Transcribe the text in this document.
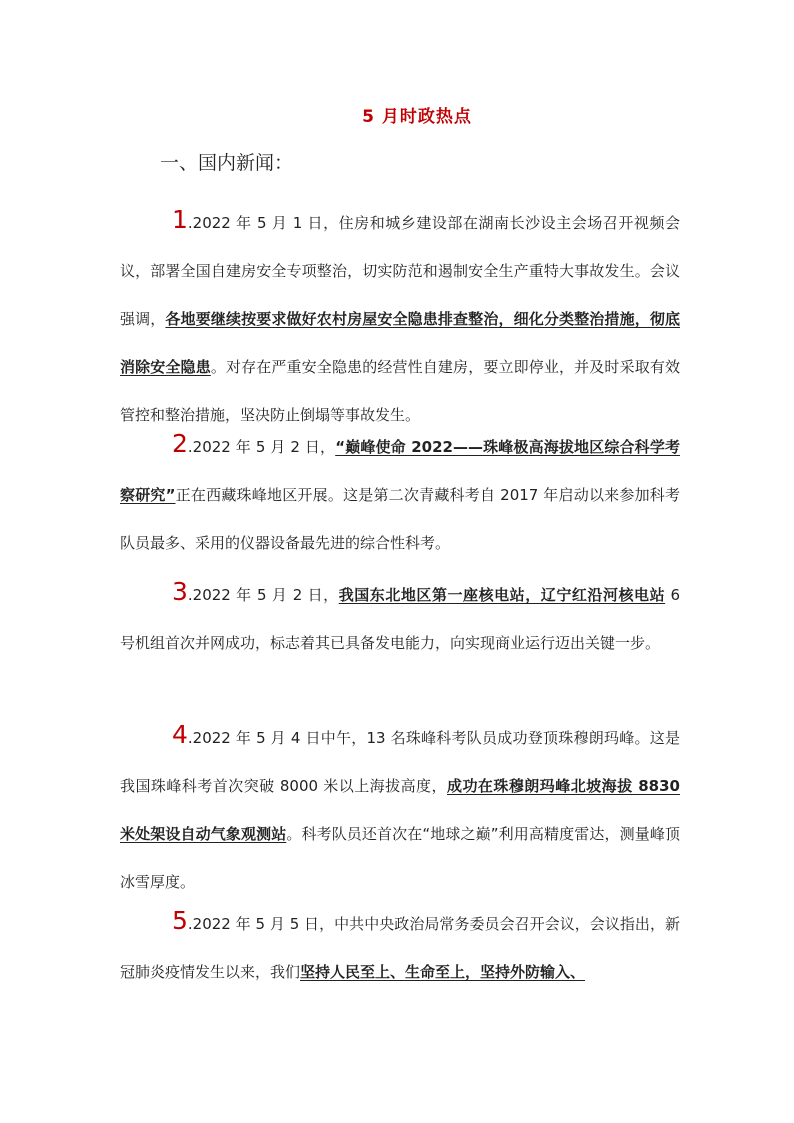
5 月时政热点
一、国内新闻：

1.2022 年 5 月 1 日，住房和城乡建设部在湖南长沙设主会场召开视频会议，部署全国自建房安全专项整治，切实防范和遏制安全生产重特大事故发生。会议强调，各地要继续按要求做好农村房屋安全隐患排查整治，细化分类整治措施，彻底消除安全隐患。对存在严重安全隐患的经营性自建房，要立即停业，并及时采取有效管控和整治措施，坚决防止倒塌等事故发生。

2.2022 年 5 月 2 日，“巅峰使命 2022——珠峰极高海拔地区综合科学考察研究”正在西藏珠峰地区开展。这是第二次青藏科考自 2017 年启动以来参加科考队员最多、采用的仪器设备最先进的综合性科考。

3.2022 年 5 月 2 日，我国东北地区第一座核电站，辽宁红沿河核电站 6 号机组首次并网成功，标志着其已具备发电能力，向实现商业运行迈出关键一步。

4.2022 年 5 月 4 日中午，13 名珠峰科考队员成功登顶珠穆朗玛峰。这是我国珠峰科考首次突破 8000 米以上海拔高度，成功在珠穆朗玛峰北坡海拔 8830 米处架设自动气象观测站。科考队员还首次在“地球之巅”利用高精度雷达，测量峰顶冰雪厚度。

5.2022 年 5 月 5 日，中共中央政治局常务委员会召开会议，会议指出，新冠肺炎疫情发生以来，我们坚持人民至上、生命至上，坚持外防输入、
